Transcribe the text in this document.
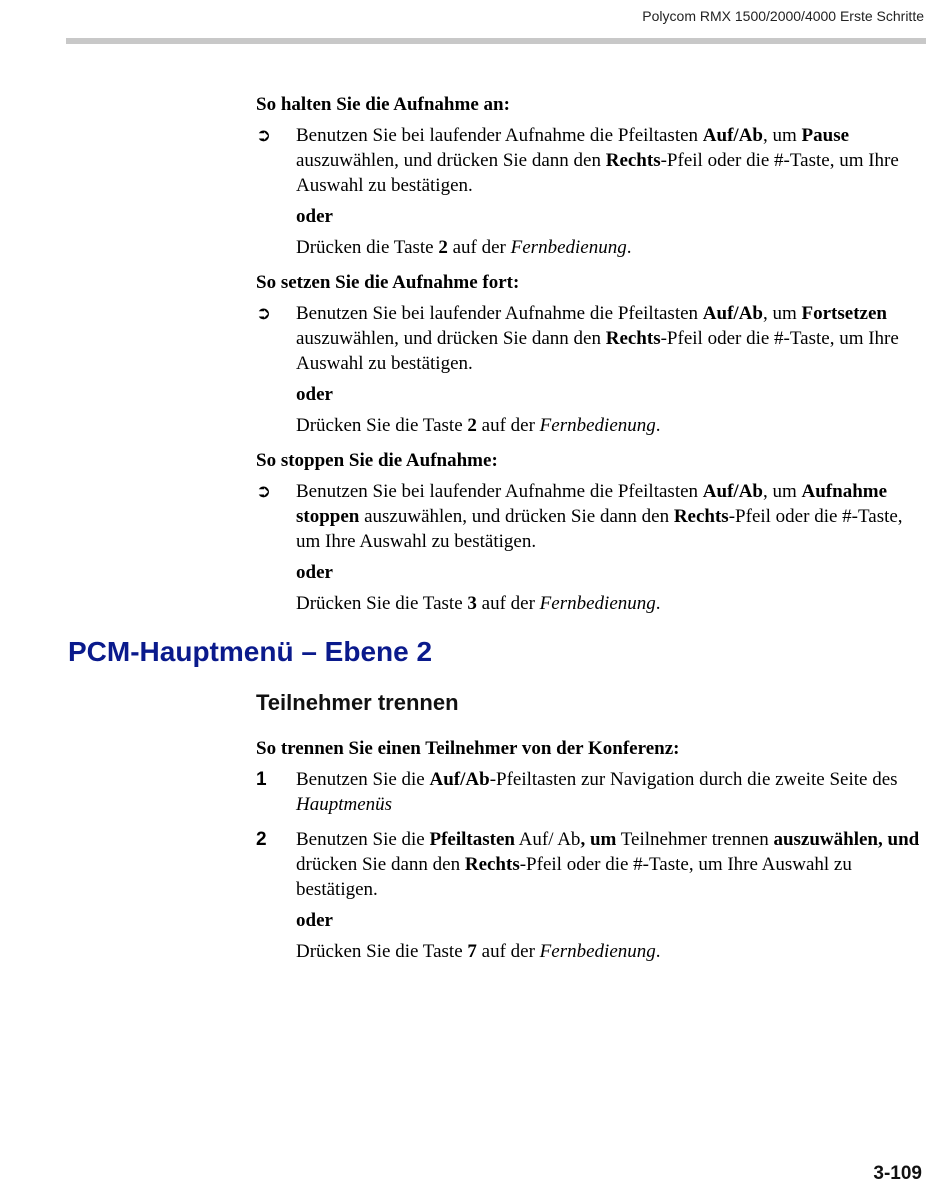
Polycom RMX 1500/2000/4000 Erste Schritte

So halten Sie die Aufnahme an:

➲	Benutzen Sie bei laufender Aufnahme die Pfeiltasten Auf/Ab, um Pause auszuwählen, und drücken Sie dann den Rechts-Pfeil oder die #-Taste, um Ihre Auswahl zu bestätigen.

oder

Drücken die Taste 2 auf der Fernbedienung.

So setzen Sie die Aufnahme fort:

➲	Benutzen Sie bei laufender Aufnahme die Pfeiltasten Auf/Ab, um Fortsetzen auszuwählen, und drücken Sie dann den Rechts-Pfeil oder die #-Taste, um Ihre Auswahl zu bestätigen.

oder

Drücken Sie die Taste 2 auf der Fernbedienung.

So stoppen Sie die Aufnahme:

➲	Benutzen Sie bei laufender Aufnahme die Pfeiltasten Auf/Ab, um Aufnahme stoppen auszuwählen, und drücken Sie dann den Rechts-Pfeil oder die #-Taste, um Ihre Auswahl zu bestätigen.

oder

Drücken Sie die Taste 3 auf der Fernbedienung.

PCM-Hauptmenü – Ebene 2
Teilnehmer trennen

So trennen Sie einen Teilnehmer von der Konferenz:

1	Benutzen Sie die Auf/Ab-Pfeiltasten zur Navigation durch die zweite Seite des Hauptmenüs

2	Benutzen Sie die Pfeiltasten Auf/ Ab, um Teilnehmer trennen auszuwählen, und drücken Sie dann den Rechts-Pfeil oder die #-Taste, um Ihre Auswahl zu bestätigen.

oder

Drücken Sie die Taste 7 auf der Fernbedienung.

3-109
